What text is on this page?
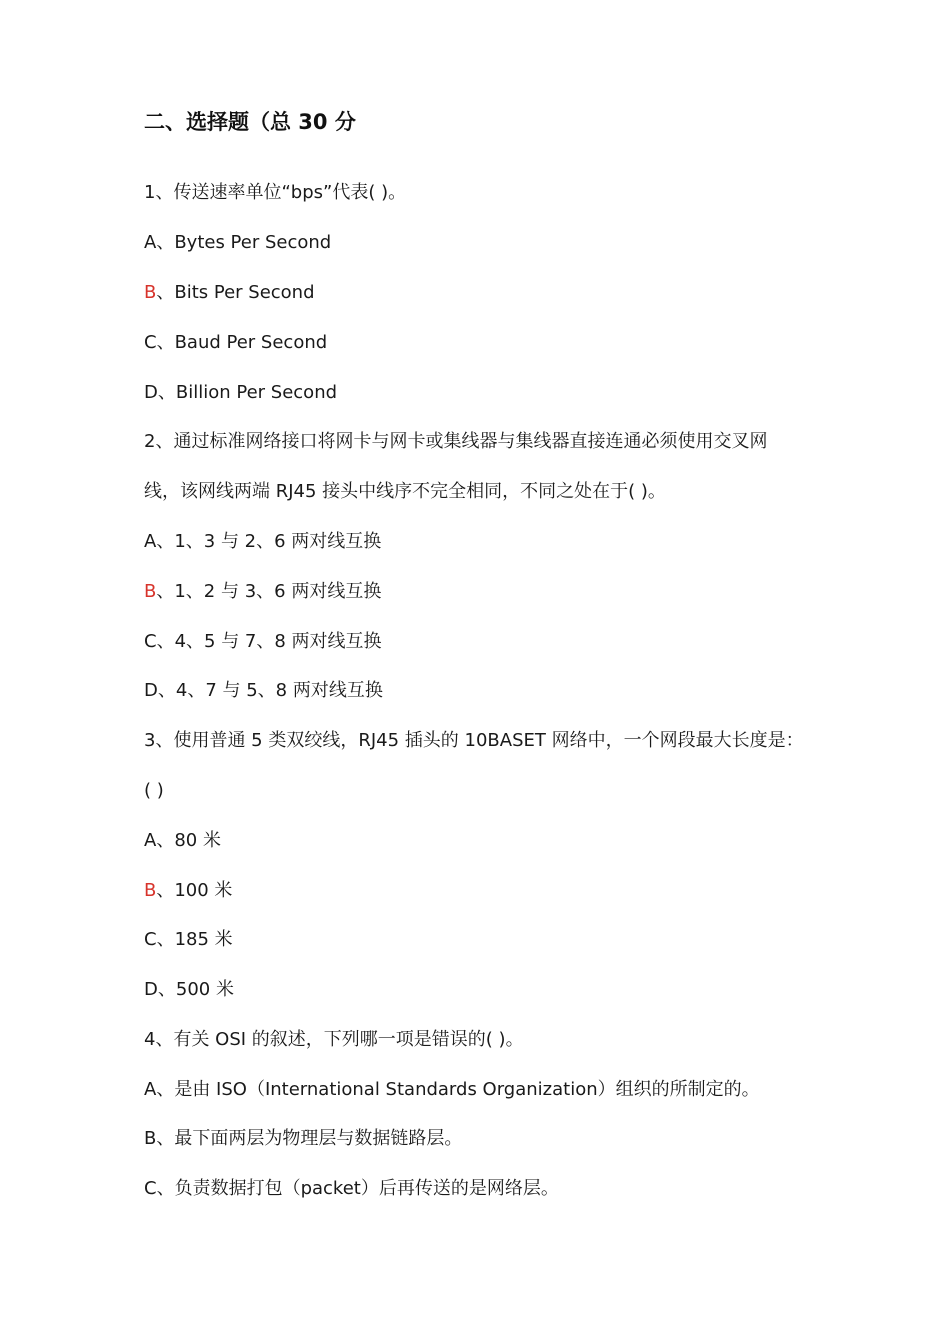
二、选择题（总 30 分
1、传送速率单位“bps”代表( )。
A、Bytes Per Second
B、Bits Per Second
C、Baud Per Second
D、Billion Per Second
2、通过标准网络接口将网卡与网卡或集线器与集线器直接连通必须使用交叉网
线，该网线两端 RJ45 接头中线序不完全相同，不同之处在于( )。
A、1、3 与 2、6 两对线互换
B、1、2 与 3、6 两对线互换
C、4、5 与 7、8 两对线互换
D、4、7 与 5、8 两对线互换
3、使用普通 5 类双绞线，RJ45 插头的 10BASET 网络中，一个网段最大长度是：
( )
A、80 米
B、100 米
C、185 米
D、500 米
4、有关 OSI 的叙述，下列哪一项是错误的( )。
A、是由 ISO（International Standards Organization）组织的所制定的。
B、最下面两层为物理层与数据链路层。
C、负责数据打包（packet）后再传送的是网络层。
